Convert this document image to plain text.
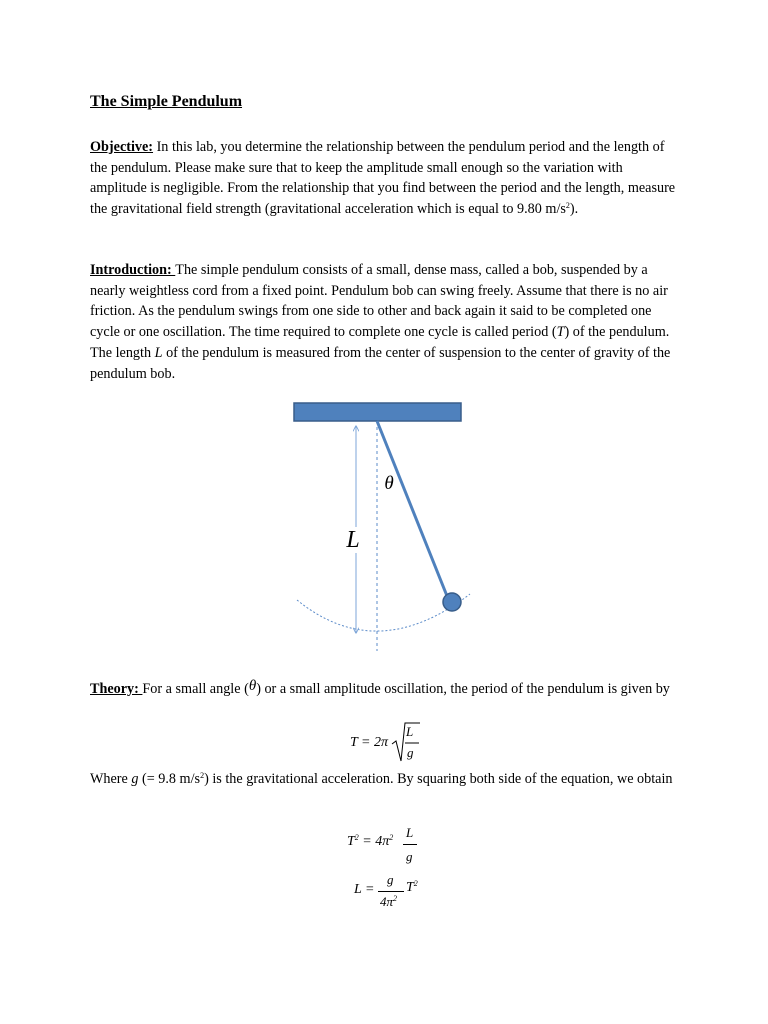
The Simple Pendulum

Objective: In this lab, you determine the relationship between the pendulum period and the length of the pendulum. Please make sure that to keep the amplitude small enough so the variation with amplitude is negligible. From the relationship that you find between the period and the length, measure the gravitational field strength (gravitational acceleration which is equal to 9.80 $m/s^2$).

Introduction: The simple pendulum consists of a small, dense mass, called a bob, suspended by a nearly weightless cord from a fixed point. Pendulum bob can swing freely. Assume that there is no air friction. As the pendulum swings from one side to other and back again it said to be completed one cycle or one oscillation. The time required to complete one cycle is called period (T) of the pendulum. The length L of the pendulum is measured from the center of suspension to the center of gravity of the pendulum bob.

L
θ

Theory: For a small angle (θ) or a small amplitude oscillation, the period of the pendulum is given by

T = 2π
L
g

Where g (= 9.8 $m/s^2$) is the gravitational acceleration. By squaring both side of the equation, we obtain

$T^2 = 4\pi^2$ L
g
L =
g
$4\pi^2$
$T^2$
